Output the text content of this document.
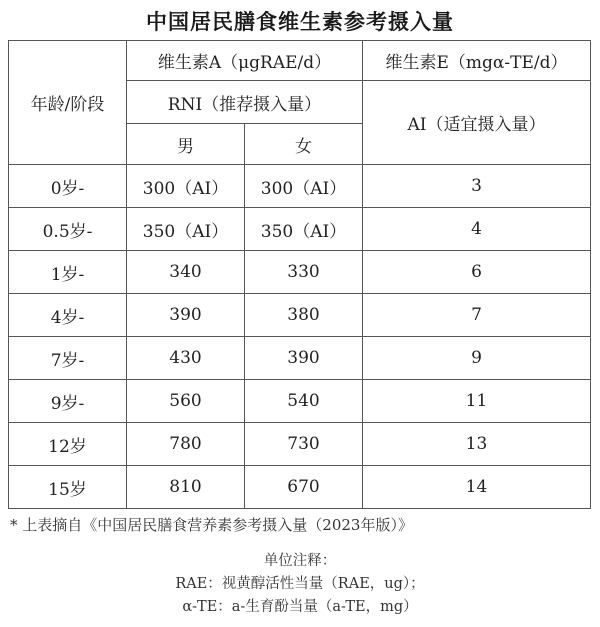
中国居民膳食维生素参考摄入量
年龄/阶段	维生素A（μgRAE/d）		维生素E（mgα-TE/d）
	RNI（推荐摄入量）		AI（适宜摄入量）
	男	女	
0岁-	300（AI）	300（AI）	3
0.5岁-	350（AI）	350（AI）	4
1岁-	340	330	6
4岁-	390	380	7
7岁-	430	390	9
9岁-	560	540	11
12岁	780	730	13
15岁	810	670	14
* 上表摘自《中国居民膳食营养素参考摄入量（2023年版）》
单位注释：
RAE：视黄醇活性当量（RAE，ug）；
α-TE：a-生育酚当量（a-TE，mg）
